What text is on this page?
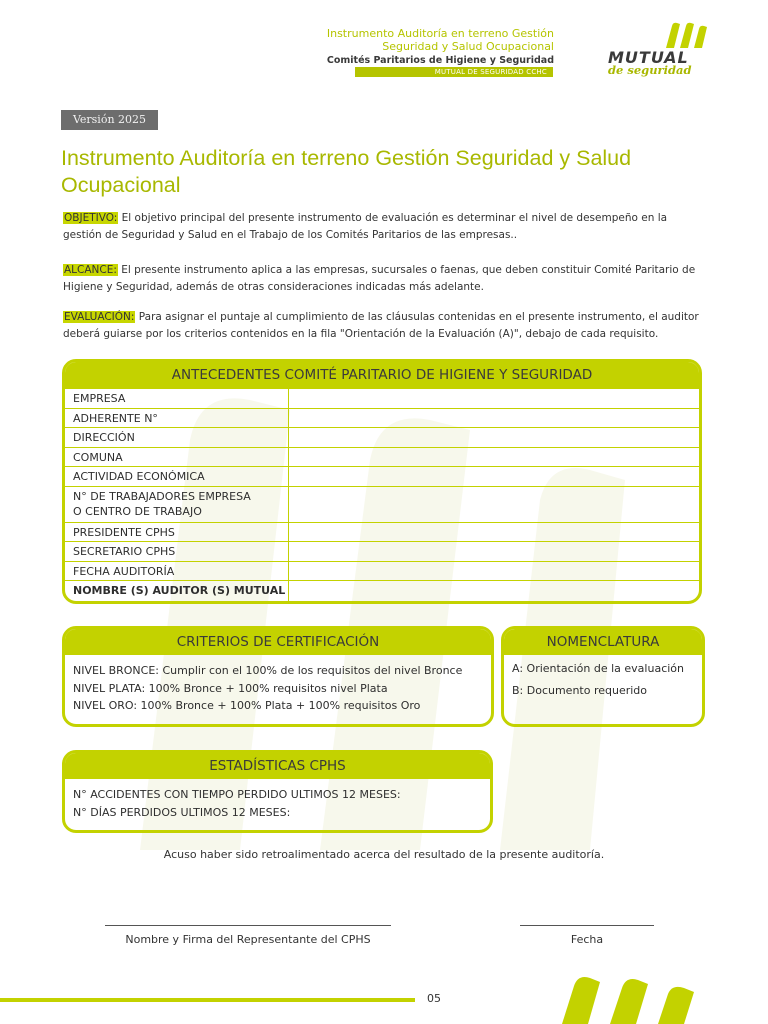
Instrumento Auditoría en terreno Gestión
Seguridad y Salud Ocupacional
Comités Paritarios de Higiene y Seguridad
MUTUAL DE SEGURIDAD CCHC
MUTUAL
de seguridad
Versión 2025
Instrumento Auditoría en terreno Gestión Seguridad y Salud Ocupacional
OBJETIVO: El objetivo principal del presente instrumento de evaluación es determinar el nivel de desempeño en la gestión de Seguridad y Salud en el Trabajo de los Comités Paritarios de las empresas..
ALCANCE: El presente instrumento aplica a las empresas, sucursales o faenas, que deben constituir Comité Paritario de Higiene y Seguridad, además de otras consideraciones indicadas más adelante.
EVALUACIÓN: Para asignar el puntaje al cumplimiento de las cláusulas contenidas en el presente instrumento, el auditor deberá guiarse por los criterios contenidos en la fila "Orientación de la Evaluación (A)", debajo de cada requisito.
ANTECEDENTES COMITÉ PARITARIO DE HIGIENE Y SEGURIDAD
EMPRESA
ADHERENTE N°
DIRECCIÓN
COMUNA
ACTIVIDAD ECONÓMICA
N° DE TRABAJADORES EMPRESA
O CENTRO DE TRABAJO
PRESIDENTE CPHS
SECRETARIO CPHS
FECHA AUDITORÍA
NOMBRE (S) AUDITOR (S) MUTUAL
CRITERIOS DE CERTIFICACIÓN
NIVEL BRONCE: Cumplir con el 100% de los requisitos del nivel Bronce
NIVEL PLATA: 100% Bronce + 100% requisitos nivel Plata
NIVEL ORO: 100% Bronce + 100% Plata + 100% requisitos Oro
NOMENCLATURA
A: Orientación de la evaluación
B: Documento requerido
ESTADÍSTICAS CPHS
N° ACCIDENTES CON TIEMPO PERDIDO ULTIMOS 12 MESES:
N° DÍAS PERDIDOS ULTIMOS 12 MESES:
Acuso haber sido retroalimentado acerca del resultado de la presente auditoría.
Nombre y Firma del Representante del CPHS	Fecha
05
